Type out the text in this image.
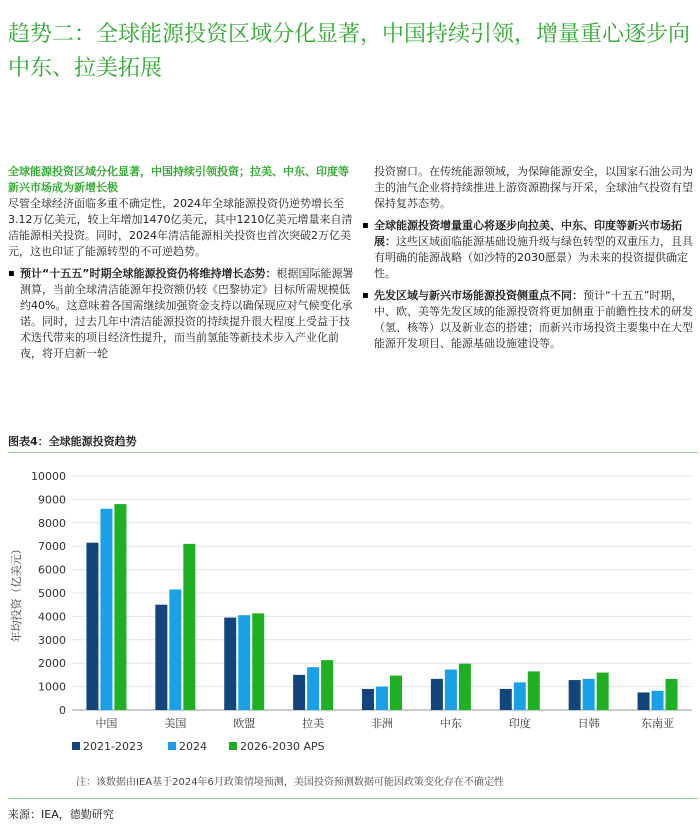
趋势二：全球能源投资区域分化显著，中国持续引领，增量重心逐步向中东、拉美拓展
全球能源投资区域分化显著，中国持续引领投资；拉美、中东、印度等新兴市场成为新增长极
尽管全球经济面临多重不确定性，2024年全球能源投资仍逆势增长至3.12万亿美元，较上年增加1470亿美元，其中1210亿美元增量来自清洁能源相关投资。同时，2024年清洁能源相关投资也首次突破2万亿美元，这也印证了能源转型的不可逆趋势。
▪ 预计“十五五”时期全球能源投资仍将维持增长态势：根据国际能源署测算，当前全球清洁能源年投资额仍较《巴黎协定》目标所需规模低约40%。这意味着各国需继续加强资金支持以确保现应对气候变化承诺。同时，过去几年中清洁能源投资的持续提升很大程度上受益于技术迭代带来的项目经济性提升，而当前氢能等新技术步入产业化前夜，将开启新一轮
投资窗口。在传统能源领域，为保障能源安全，以国家石油公司为主的油气企业将持续推进上游资源勘探与开采，全球油气投资有望保持复苏态势。
▪ 全球能源投资增量重心将逐步向拉美、中东、印度等新兴市场拓展：这些区域面临能源基础设施升级与绿色转型的双重压力，且具有明确的能源战略（如沙特的2030愿景）为未来的投资提供确定性。
▪ 先发区域与新兴市场能源投资侧重点不同：预计“十五五”时期，中、欧、美等先发区域的能源投资将更加侧重于前瞻性技术的研发（氢、核等）以及新业态的搭建；而新兴市场投资主要集中在大型能源开发项目、能源基础设施建设等。
图表4：全球能源投资趋势
0
1000
2000
3000
4000
5000
6000
7000
8000
9000
10000
年均投资（亿美元）
中国	美国	欧盟	拉美	非洲	中东	印度	日韩	东南亚
2021-2023	2024	2026-2030 APS
注：该数据由IEA基于2024年6月政策情境预测，美国投资预测数据可能因政策变化存在不确定性
来源：IEA，德勤研究
